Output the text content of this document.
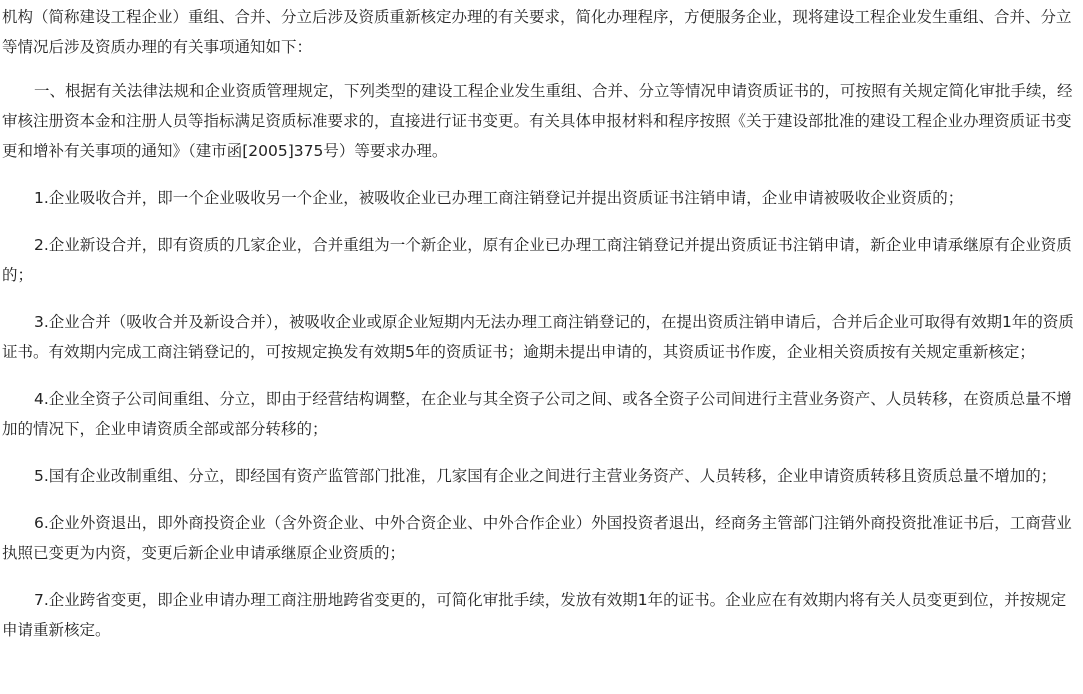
机构（简称建设工程企业）重组、合并、分立后涉及资质重新核定办理的有关要求，简化办理程序，方便服务企业，现将建设工程企业发生重组、合并、分立等情况后涉及资质办理的有关事项通知如下：

一、根据有关法律法规和企业资质管理规定，下列类型的建设工程企业发生重组、合并、分立等情况申请资质证书的，可按照有关规定简化审批手续，经审核注册资本金和注册人员等指标满足资质标准要求的，直接进行证书变更。有关具体申报材料和程序按照《关于建设部批准的建设工程企业办理资质证书变更和增补有关事项的通知》（建市函[2005]375号）等要求办理。

1.企业吸收合并，即一个企业吸收另一个企业，被吸收企业已办理工商注销登记并提出资质证书注销申请，企业申请被吸收企业资质的；

2.企业新设合并，即有资质的几家企业，合并重组为一个新企业，原有企业已办理工商注销登记并提出资质证书注销申请，新企业申请承继原有企业资质的；

3.企业合并（吸收合并及新设合并），被吸收企业或原企业短期内无法办理工商注销登记的，在提出资质注销申请后，合并后企业可取得有效期1年的资质证书。有效期内完成工商注销登记的，可按规定换发有效期5年的资质证书；逾期未提出申请的，其资质证书作废，企业相关资质按有关规定重新核定；

4.企业全资子公司间重组、分立，即由于经营结构调整，在企业与其全资子公司之间、或各全资子公司间进行主营业务资产、人员转移，在资质总量不增加的情况下，企业申请资质全部或部分转移的；

5.国有企业改制重组、分立，即经国有资产监管部门批准，几家国有企业之间进行主营业务资产、人员转移，企业申请资质转移且资质总量不增加的；

6.企业外资退出，即外商投资企业（含外资企业、中外合资企业、中外合作企业）外国投资者退出，经商务主管部门注销外商投资批准证书后，工商营业执照已变更为内资，变更后新企业申请承继原企业资质的；

7.企业跨省变更，即企业申请办理工商注册地跨省变更的，可简化审批手续，发放有效期1年的证书。企业应在有效期内将有关人员变更到位，并按规定申请重新核定。
